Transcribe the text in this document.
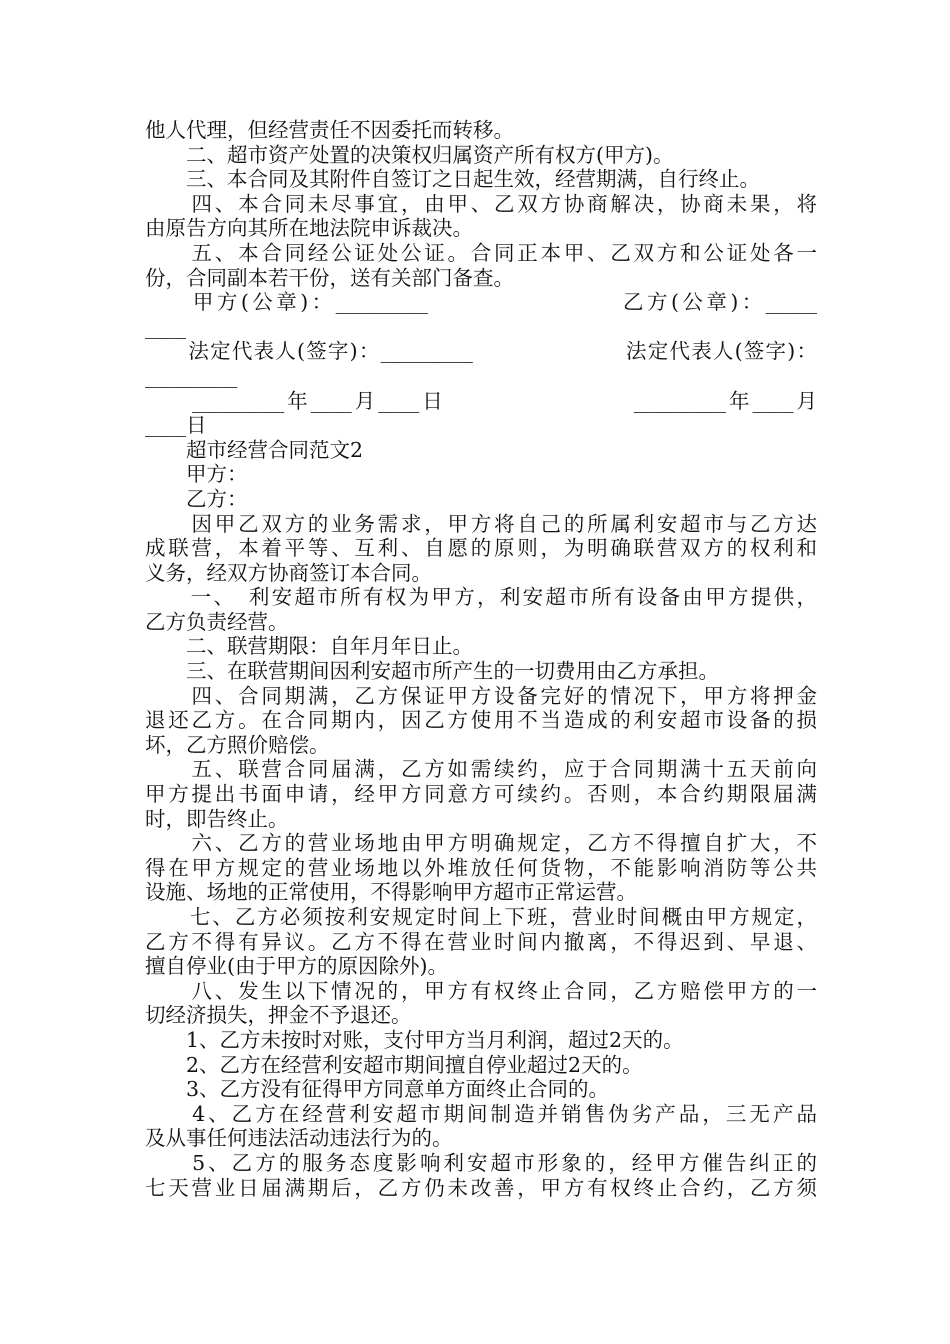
他人代理，但经营责任不因委托而转移。
　　二、超市资产处置的决策权归属资产所有权方(甲方)。
　　三、本合同及其附件自签订之日起生效，经营期满，自行终止。
　　四、本合同未尽事宜，由甲、乙双方协商解决，协商未果，将
由原告方向其所在地法院申诉裁决。
　　五、本合同经公证处公证。合同正本甲、乙双方和公证处各一
份，合同副本若干份，送有关部门备查。
　　甲方(公章)：_________　　　　　　　　乙方(公章)：_____
____
　　法定代表人(签字)：_________　　　　　　　法定代表人(签字)：
_________
　　_________年____月____日　　　　　　　　_________年____月
____日
　　超市经营合同范文2
　　甲方：
　　乙方：
　　因甲乙双方的业务需求，甲方将自己的所属利安超市与乙方达
成联营，本着平等、互利、自愿的原则，为明确联营双方的权利和
义务，经双方协商签订本合同。
　　一、　利安超市所有权为甲方，利安超市所有设备由甲方提供，
乙方负责经营。
　　二、联营期限：自年月年日止。
　　三、在联营期间因利安超市所产生的一切费用由乙方承担。
　　四、合同期满，乙方保证甲方设备完好的情况下，甲方将押金
退还乙方。在合同期内，因乙方使用不当造成的利安超市设备的损
坏，乙方照价赔偿。
　　五、联营合同届满，乙方如需续约，应于合同期满十五天前向
甲方提出书面申请，经甲方同意方可续约。否则，本合约期限届满
时，即告终止。
　　六、乙方的营业场地由甲方明确规定，乙方不得擅自扩大，不
得在甲方规定的营业场地以外堆放任何货物，不能影响消防等公共
设施、场地的正常使用，不得影响甲方超市正常运营。
　　七、乙方必须按利安规定时间上下班，营业时间概由甲方规定，
乙方不得有异议。乙方不得在营业时间内撤离，不得迟到、早退、
擅自停业(由于甲方的原因除外)。
　　八、发生以下情况的，甲方有权终止合同，乙方赔偿甲方的一
切经济损失，押金不予退还。
　　1、乙方未按时对账，支付甲方当月利润，超过2天的。
　　2、乙方在经营利安超市期间擅自停业超过2天的。
　　3、乙方没有征得甲方同意单方面终止合同的。
　　4、乙方在经营利安超市期间制造并销售伪劣产品，三无产品
及从事任何违法活动违法行为的。
　　5、乙方的服务态度影响利安超市形象的，经甲方催告纠正的
七天营业日届满期后，乙方仍未改善，甲方有权终止合约，乙方须
